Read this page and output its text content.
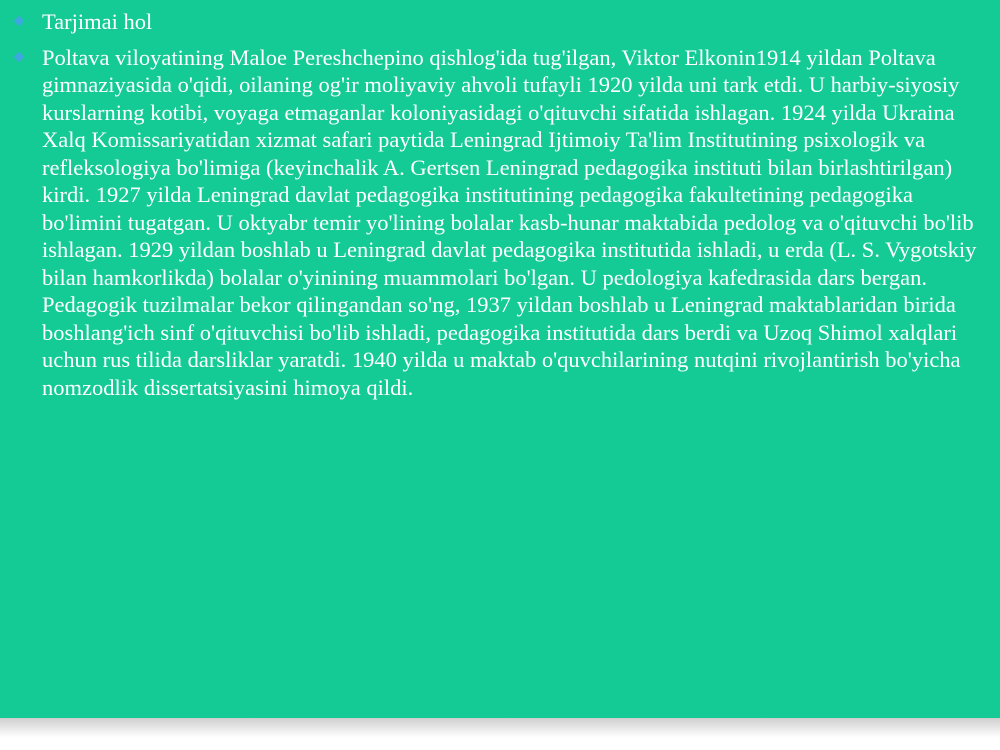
Tarjimai hol
Poltava viloyatining Maloe Pereshchepino qishlog'ida tug'ilgan, Viktor Elkonin1914 yildan Poltava gimnaziyasida o'qidi, oilaning og'ir moliyaviy ahvoli tufayli 1920 yilda uni tark etdi. U harbiy-siyosiy kurslarning kotibi, voyaga etmaganlar koloniyasidagi o'qituvchi sifatida ishlagan. 1924 yilda Ukraina Xalq Komissariyatidan xizmat safari paytida Leningrad Ijtimoiy Ta'lim Institutining psixologik va refleksologiya bo'limiga (keyinchalik A. Gertsen Leningrad pedagogika instituti bilan birlashtirilgan) kirdi. 1927 yilda Leningrad davlat pedagogika institutining pedagogika fakultetining pedagogika bo'limini tugatgan. U oktyabr temir yo'lining bolalar kasb-hunar maktabida pedolog va o'qituvchi bo'lib ishlagan. 1929 yildan boshlab u Leningrad davlat pedagogika institutida ishladi, u erda (L. S. Vygotskiy bilan hamkorlikda) bolalar o'yinining muammolari bo'lgan. U pedologiya kafedrasida dars bergan. Pedagogik tuzilmalar bekor qilingandan so'ng, 1937 yildan boshlab u Leningrad maktablaridan birida boshlang'ich sinf o'qituvchisi bo'lib ishladi, pedagogika institutida dars berdi va Uzoq Shimol xalqlari uchun rus tilida darsliklar yaratdi. 1940 yilda u maktab o'quvchilarining nutqini rivojlantirish bo'yicha nomzodlik dissertatsiyasini himoya qildi.
